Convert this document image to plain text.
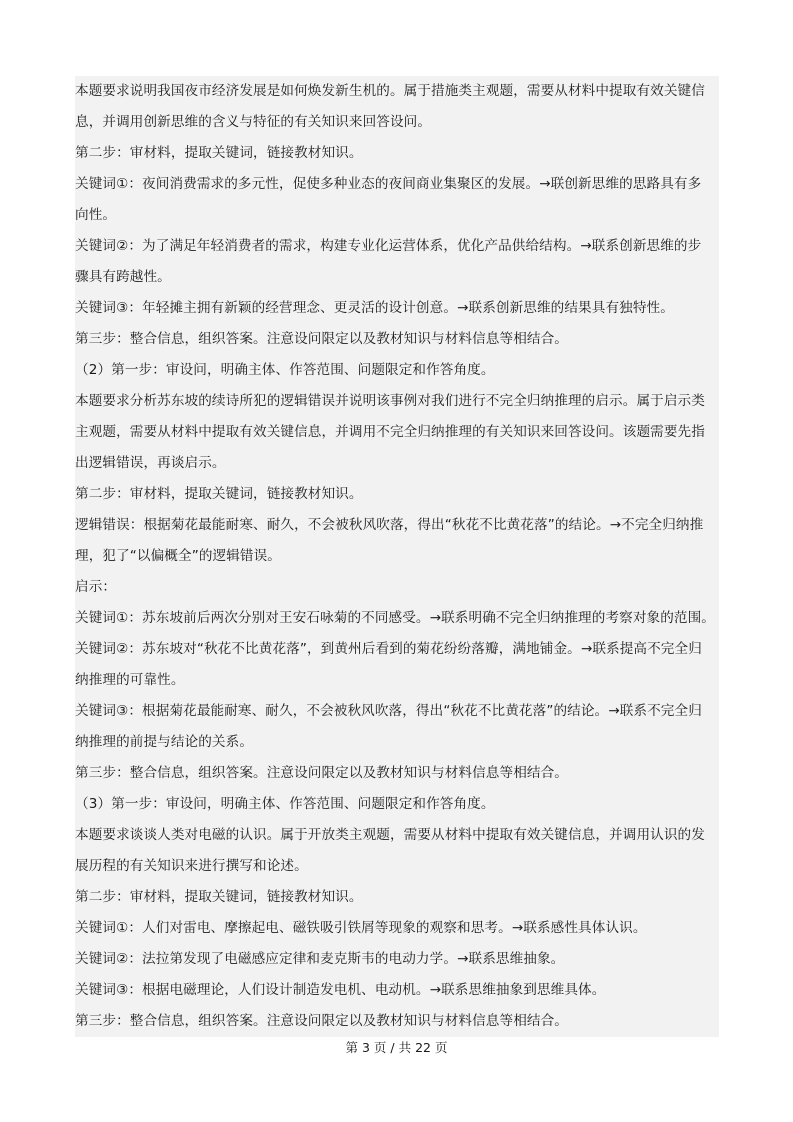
本题要求说明我国夜市经济发展是如何焕发新生机的。属于措施类主观题，需要从材料中提取有效关键信
息，并调用创新思维的含义与特征的有关知识来回答设问。
第二步：审材料，提取关键词，链接教材知识。
关键词①：夜间消费需求的多元性，促使多种业态的夜间商业集聚区的发展。→联创新思维的思路具有多
向性。
关键词②：为了满足年轻消费者的需求，构建专业化运营体系，优化产品供给结构。→联系创新思维的步
骤具有跨越性。
关键词③：年轻摊主拥有新颖的经营理念、更灵活的设计创意。→联系创新思维的结果具有独特性。
第三步：整合信息，组织答案。注意设问限定以及教材知识与材料信息等相结合。
（2）第一步：审设问，明确主体、作答范围、问题限定和作答角度。
本题要求分析苏东坡的续诗所犯的逻辑错误并说明该事例对我们进行不完全归纳推理的启示。属于启示类
主观题，需要从材料中提取有效关键信息，并调用不完全归纳推理的有关知识来回答设问。该题需要先指
出逻辑错误，再谈启示。
第二步：审材料，提取关键词，链接教材知识。
逻辑错误：根据菊花最能耐寒、耐久，不会被秋风吹落，得出“秋花不比黄花落”的结论。→不完全归纳推
理，犯了“以偏概全”的逻辑错误。
启示：
关键词①：苏东坡前后两次分别对王安石咏菊的不同感受。→联系明确不完全归纳推理的考察对象的范围。
关键词②：苏东坡对“秋花不比黄花落”，到黄州后看到的菊花纷纷落瓣，满地铺金。→联系提高不完全归
纳推理的可靠性。
关键词③：根据菊花最能耐寒、耐久，不会被秋风吹落，得出“秋花不比黄花落”的结论。→联系不完全归
纳推理的前提与结论的关系。
第三步：整合信息，组织答案。注意设问限定以及教材知识与材料信息等相结合。
（3）第一步：审设问，明确主体、作答范围、问题限定和作答角度。
本题要求谈谈人类对电磁的认识。属于开放类主观题，需要从材料中提取有效关键信息，并调用认识的发
展历程的有关知识来进行撰写和论述。
第二步：审材料，提取关键词，链接教材知识。
关键词①：人们对雷电、摩擦起电、磁铁吸引铁屑等现象的观察和思考。→联系感性具体认识。
关键词②：法拉第发现了电磁感应定律和麦克斯韦的电动力学。→联系思维抽象。
关键词③：根据电磁理论，人们设计制造发电机、电动机。→联系思维抽象到思维具体。
第三步：整合信息，组织答案。注意设问限定以及教材知识与材料信息等相结合。
第 3 页 / 共 22 页
